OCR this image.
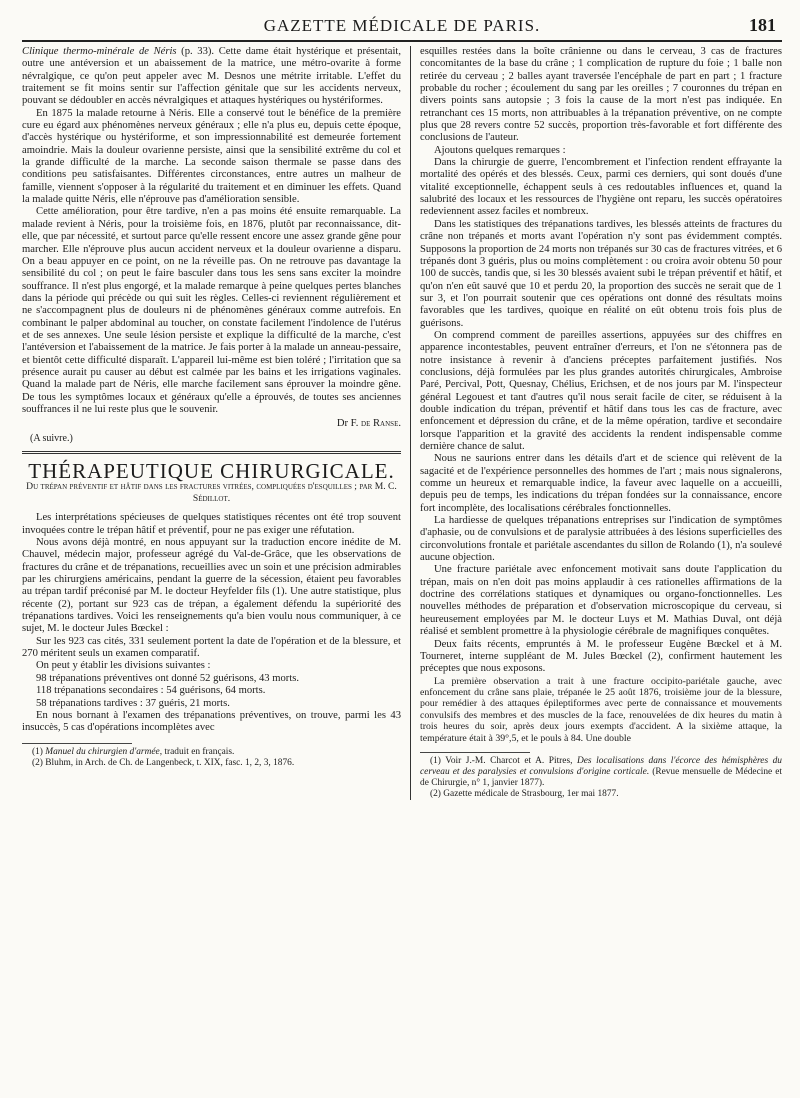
GAZETTE MÉDICALE DE PARIS.	181

Clinique thermo-minérale de Néris (p. 33). Cette dame était hystérique et présentait, outre une antéversion et un abaissement de la matrice, une métro-ovarite à forme névralgique, ce qu'on peut appeler avec M. Desnos une métrite irritable. L'effet du traitement se fit moins sentir sur l'affection génitale que sur les accidents nerveux, pouvant se dédoubler en accès névralgiques et attaques hystériques ou hystériformes.

En 1875 la malade retourne à Néris. Elle a conservé tout le bénéfice de la première cure eu égard aux phénomènes nerveux généraux ; elle n'a plus eu, depuis cette époque, d'accès hystérique ou hystériforme, et son impressionnabilité est demeurée fortement amoindrie. Mais la douleur ovarienne persiste, ainsi que la sensibilité extrême du col et la grande difficulté de la marche. La seconde saison thermale se passe dans des conditions peu satisfaisantes. Différentes circonstances, entre autres un malheur de famille, viennent s'opposer à la régularité du traitement et en diminuer les effets. Quand la malade quitte Néris, elle n'éprouve pas d'amélioration sensible.

Cette amélioration, pour être tardive, n'en a pas moins été ensuite remarquable. La malade revient à Néris, pour la troisième fois, en 1876, plutôt par reconnaissance, dit-elle, que par nécessité, et surtout parce qu'elle ressent encore une assez grande gêne pour marcher. Elle n'éprouve plus aucun accident nerveux et la douleur ovarienne a disparu. On a beau appuyer en ce point, on ne la réveille pas. On ne retrouve pas davantage la sensibilité du col ; on peut le faire basculer dans tous les sens sans exciter la moindre souffrance. Il n'est plus engorgé, et la malade remarque à peine quelques pertes blanches dans la période qui précède ou qui suit les règles. Celles-ci reviennent régulièrement et ne s'accompagnent plus de douleurs ni de phénomènes généraux comme autrefois. En combinant le palper abdominal au toucher, on constate facilement l'indolence de l'utérus et de ses annexes. Une seule lésion persiste et explique la difficulté de la marche, c'est l'antéversion et l'abaissement de la matrice. Je fais porter à la malade un anneau-pessaire, et bientôt cette difficulté disparaît. L'appareil lui-même est bien toléré ; l'irritation que sa présence aurait pu causer au début est calmée par les bains et les irrigations vaginales. Quand la malade part de Néris, elle marche facilement sans éprouver la moindre gêne. De tous les symptômes locaux et généraux qu'elle a éprouvés, de toutes ses anciennes souffrances il ne lui reste plus que le souvenir.

Dr F. de Ranse.
(A suivre.)
THÉRAPEUTIQUE CHIRURGICALE.
Du trépan préventif et hâtif dans les fractures vitrées, compliquées d'esquilles ; par M. C. Sédillot.

Les interprétations spécieuses de quelques statistiques récentes ont été trop souvent invoquées contre le trépan hâtif et préventif, pour ne pas exiger une réfutation.

Nous avons déjà montré, en nous appuyant sur la traduction encore inédite de M. Chauvel, médecin major, professeur agrégé du Val-de-Grâce, que les observations de fractures du crâne et de trépanations, recueillies avec un soin et une précision admirables par les chirurgiens américains, pendant la guerre de la sécession, étaient peu favorables au trépan tardif préconisé par M. le docteur Heyfelder fils (1). Une autre statistique, plus récente (2), portant sur 923 cas de trépan, a également défendu la supériorité des trépanations tardives. Voici les renseignements qu'a bien voulu nous communiquer, à ce sujet, M. le docteur Jules Bœckel :

Sur les 923 cas cités, 331 seulement portent la date de l'opération et de la blessure, et 270 méritent seuls un examen comparatif.

On peut y établir les divisions suivantes :

98 trépanations préventives ont donné 52 guérisons, 43 morts.

118 trépanations secondaires : 54 guérisons, 64 morts.

58 trépanations tardives : 37 guéris, 21 morts.

En nous bornant à l'examen des trépanations préventives, on trouve, parmi les 43 insuccès, 5 cas d'opérations incomplètes avec

(1) Manuel du chirurgien d'armée, traduit en français.

(2) Bluhm, in Arch. de Ch. de Langenbeck, t. XIX, fasc. 1, 2, 3, 1876.

esquilles restées dans la boîte crânienne ou dans le cerveau, 3 cas de fractures concomitantes de la base du crâne ; 1 complication de rupture du foie ; 1 balle non retirée du cerveau ; 2 balles ayant traversée l'encéphale de part en part ; 1 fracture probable du rocher ; écoulement du sang par les oreilles ; 7 couronnes du trépan en divers points sans autopsie ; 3 fois la cause de la mort n'est pas indiquée. En retranchant ces 15 morts, non attribuables à la trépanation préventive, on ne compte plus que 28 revers contre 52 succès, proportion très-favorable et fort différente des conclusions de l'auteur.

Ajoutons quelques remarques :

Dans la chirurgie de guerre, l'encombrement et l'infection rendent effrayante la mortalité des opérés et des blessés. Ceux, parmi ces derniers, qui sont doués d'une vitalité exceptionnelle, échappent seuls à ces redoutables influences et, quand la salubrité des locaux et les ressources de l'hygiène ont reparu, les succès opératoires redeviennent assez faciles et nombreux.

Dans les statistiques des trépanations tardives, les blessés atteints de fractures du crâne non trépanés et morts avant l'opération n'y sont pas évidemment comptés. Supposons la proportion de 24 morts non trépanés sur 30 cas de fractures vitrées, et 6 trépanés dont 3 guéris, plus ou moins complètement : ou croira avoir obtenu 50 pour 100 de succès, tandis que, si les 30 blessés avaient subi le trépan préventif et hâtif, et qu'on n'en eût sauvé que 10 et perdu 20, la proportion des succès ne serait que de 1 sur 3, et l'on pourrait soutenir que ces opérations ont donné des résultats moins favorables que les tardives, quoique en réalité on eût obtenu trois fois plus de guérisons.

On comprend comment de pareilles assertions, appuyées sur des chiffres en apparence incontestables, peuvent entraîner d'erreurs, et l'on ne s'étonnera pas de notre insistance à revenir à d'anciens préceptes parfaitement justifiés. Nos conclusions, déjà formulées par les plus grandes autorités chirurgicales, Ambroise Paré, Percival, Pott, Quesnay, Chélius, Erichsen, et de nos jours par M. l'inspecteur général Legouest et tant d'autres qu'il nous serait facile de citer, se réduisent à la double indication du trépan, préventif et hâtif dans tous les cas de fracture, avec enfoncement et dépression du crâne, et de la même opération, tardive et secondaire lorsque l'apparition et la gravité des accidents la rendent indispensable comme dernière chance de salut.

Nous ne saurions entrer dans les détails d'art et de science qui relèvent de la sagacité et de l'expérience personnelles des hommes de l'art ; mais nous signalerons, comme un heureux et remarquable indice, la faveur avec laquelle on a accueilli, depuis peu de temps, les indications du trépan fondées sur la connaissance, encore fort incomplète, des localisations cérébrales fonctionnelles.

La hardiesse de quelques trépanations entreprises sur l'indication de symptômes d'aphasie, ou de convulsions et de paralysie attribuées à des lésions superficielles des circonvolutions frontale et pariétale ascendantes du sillon de Rolando (1), n'a soulevé aucune objection.

Une fracture pariétale avec enfoncement motivait sans doute l'application du trépan, mais on n'en doit pas moins applaudir à ces rationelles affirmations de la doctrine des corrélations statiques et dynamiques ou organo-fonctionnelles. Les nouvelles méthodes de préparation et d'observation microscopique du cerveau, si heureusement employées par M. le docteur Luys et M. Mathias Duval, ont déjà réalisé et semblent promettre à la physiologie cérébrale de magnifiques conquêtes.

Deux faits récents, empruntés à M. le professeur Eugène Bœckel et à M. Tourneret, interne suppléant de M. Jules Bœckel (2), confirment hautement les préceptes que nous exposons.

La première observation a trait à une fracture occipito-pariétale gauche, avec enfoncement du crâne sans plaie, trépanée le 25 août 1876, troisième jour de la blessure, pour remédier à des attaques épileptiformes avec perte de connaissance et mouvements convulsifs des membres et des muscles de la face, renouvelées de dix heures du matin à trois heures du soir, après deux jours exempts d'accident. A la sixième attaque, la température était à 39°,5, et le pouls à 84. Une double

(1) Voir J.-M. Charcot et A. Pitres, Des localisations dans l'écorce des hémisphères du cerveau et des paralysies et convulsions d'origine corticale. (Revue mensuelle de Médecine et de Chirurgie, n° 1, janvier 1877).

(2) Gazette médicale de Strasbourg, 1er mai 1877.
